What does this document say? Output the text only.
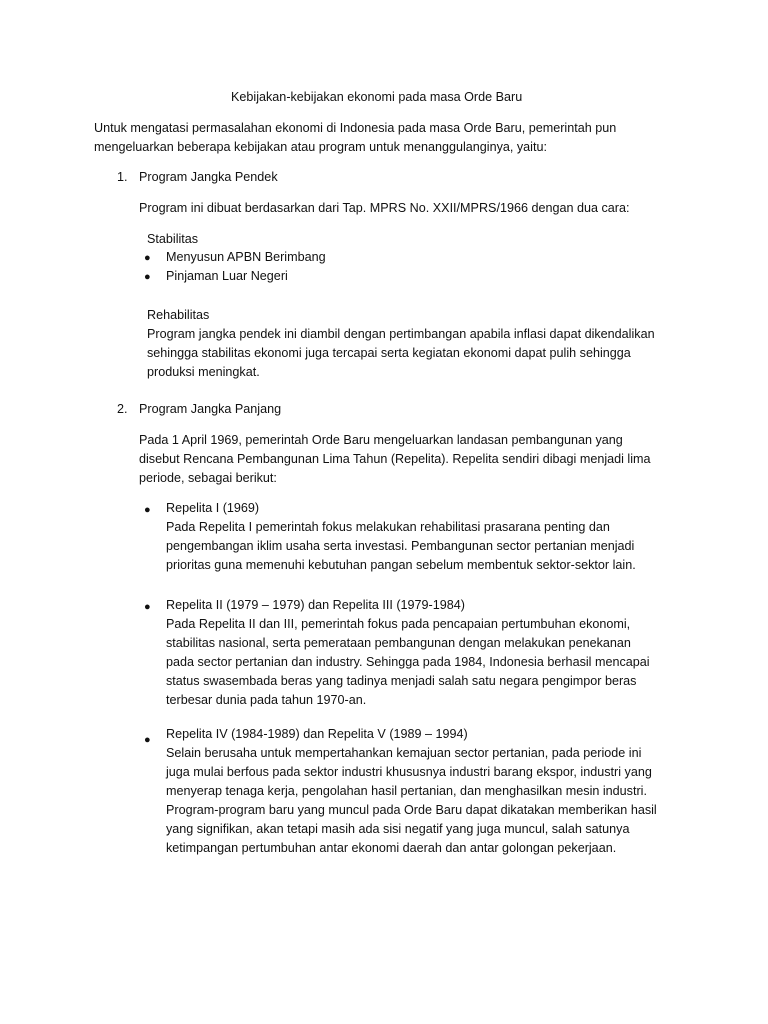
Kebijakan-kebijakan ekonomi pada masa Orde Baru
Untuk mengatasi permasalahan ekonomi di Indonesia pada masa Orde Baru, pemerintah pun
mengeluarkan beberapa kebijakan atau program untuk menanggulanginya, yaitu:
1. Program Jangka Pendek
Program ini dibuat berdasarkan dari Tap. MPRS No. XXII/MPRS/1966 dengan dua cara:
Stabilitas
● Menyusun APBN Berimbang
● Pinjaman Luar Negeri
Rehabilitas
Program jangka pendek ini diambil dengan pertimbangan apabila inflasi dapat dikendalikan
sehingga stabilitas ekonomi juga tercapai serta kegiatan ekonomi dapat pulih sehingga
produksi meningkat.
2. Program Jangka Panjang
Pada 1 April 1969, pemerintah Orde Baru mengeluarkan landasan pembangunan yang
disebut Rencana Pembangunan Lima Tahun (Repelita). Repelita sendiri dibagi menjadi lima
periode, sebagai berikut:
● Repelita I (1969)
Pada Repelita I pemerintah fokus melakukan rehabilitasi prasarana penting dan
pengembangan iklim usaha serta investasi. Pembangunan sector pertanian menjadi
prioritas guna memenuhi kebutuhan pangan sebelum membentuk sektor-sektor lain.
● Repelita II (1979 – 1979) dan Repelita III (1979-1984)
Pada Repelita II dan III, pemerintah fokus pada pencapaian pertumbuhan ekonomi,
stabilitas nasional, serta pemerataan pembangunan dengan melakukan penekanan
pada sector pertanian dan industry. Sehingga pada 1984, Indonesia berhasil mencapai
status swasembada beras yang tadinya menjadi salah satu negara pengimpor beras
terbesar dunia pada tahun 1970-an.
● Repelita IV (1984-1989) dan Repelita V (1989 – 1994)
Selain berusaha untuk mempertahankan kemajuan sector pertanian, pada periode ini
juga mulai berfous pada sektor industri khususnya industri barang ekspor, industri yang
menyerap tenaga kerja, pengolahan hasil pertanian, dan menghasilkan mesin industri.
Program-program baru yang muncul pada Orde Baru dapat dikatakan memberikan hasil
yang signifikan, akan tetapi masih ada sisi negatif yang juga muncul, salah satunya
ketimpangan pertumbuhan antar ekonomi daerah dan antar golongan pekerjaan.
